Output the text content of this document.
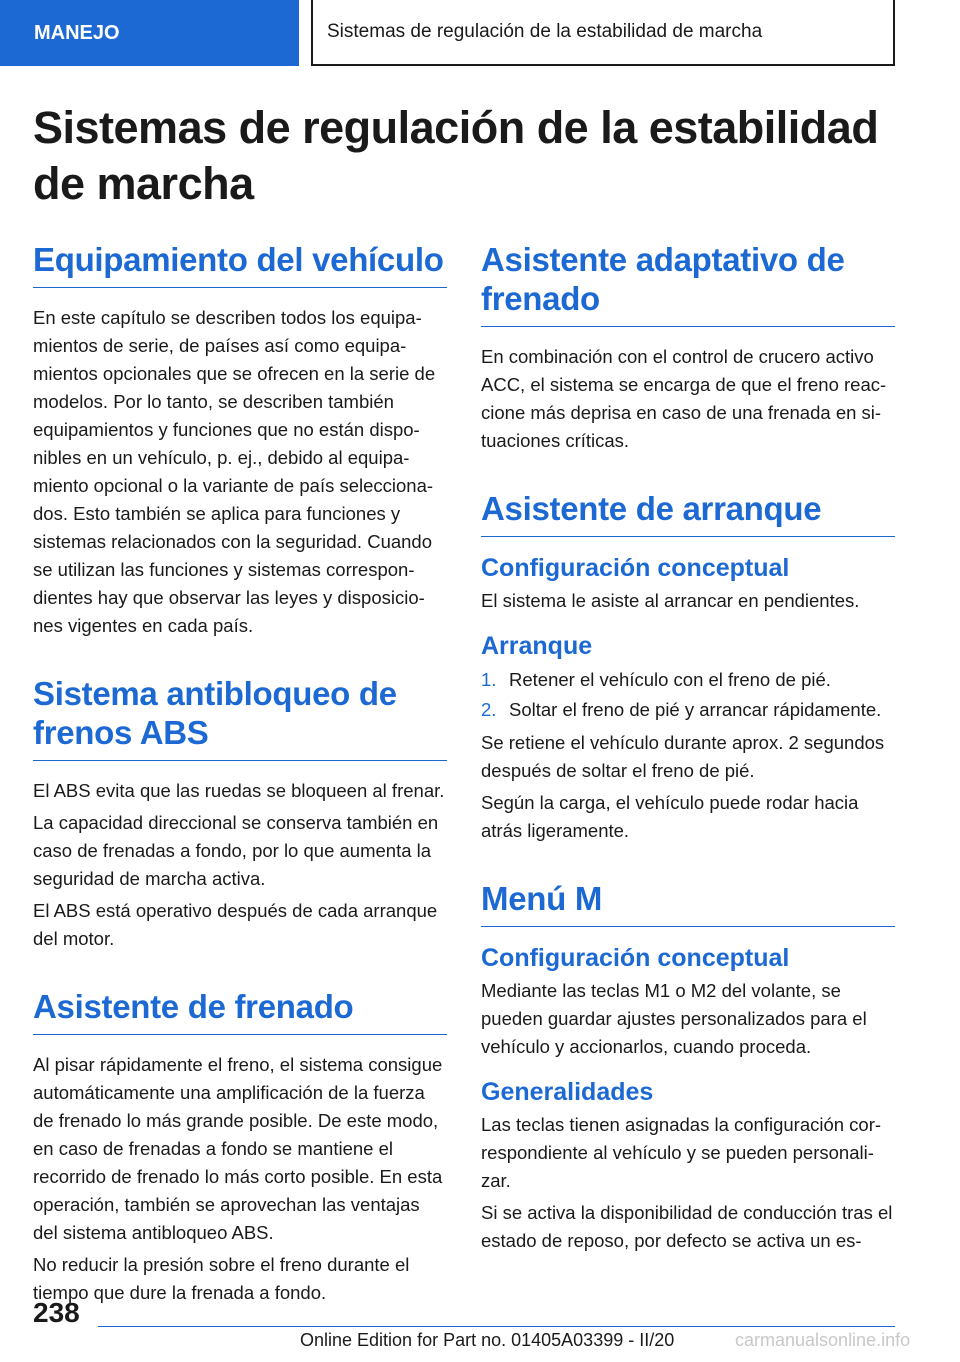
MANEJO	Sistemas de regulación de la estabilidad de marcha
Sistemas de regulación de la estabilidad de marcha
Equipamiento del vehículo

En este capítulo se describen todos los equipamientos de serie, de países así como equipamientos opcionales que se ofrecen en la serie de modelos. Por lo tanto, se describen también equipamientos y funciones que no están disponibles en un vehículo, p. ej., debido al equipamiento opcional o la variante de país seleccionados. Esto también se aplica para funciones y sistemas relacionados con la seguridad. Cuando se utilizan las funciones y sistemas correspondientes hay que observar las leyes y disposiciones vigentes en cada país.

Sistema antibloqueo de frenos ABS

El ABS evita que las ruedas se bloqueen al frenar.

La capacidad direccional se conserva también en caso de frenadas a fondo, por lo que aumenta la seguridad de marcha activa.

El ABS está operativo después de cada arranque del motor.

Asistente de frenado

Al pisar rápidamente el freno, el sistema consigue automáticamente una amplificación de la fuerza de frenado lo más grande posible. De este modo, en caso de frenadas a fondo se mantiene el recorrido de frenado lo más corto posible. En esta operación, también se aprovechan las ventajas del sistema antibloqueo ABS.

No reducir la presión sobre el freno durante el tiempo que dure la frenada a fondo.

Asistente adaptativo de frenado

En combinación con el control de crucero activo ACC, el sistema se encarga de que el freno reaccione más deprisa en caso de una frenada en situaciones críticas.

Asistente de arranque
Configuración conceptual

El sistema le asiste al arrancar en pendientes.

Arranque
1. Retener el vehículo con el freno de pié.
2. Soltar el freno de pié y arrancar rápidamente.

Se retiene el vehículo durante aprox. 2 segundos después de soltar el freno de pié.

Según la carga, el vehículo puede rodar hacia atrás ligeramente.

Menú M
Configuración conceptual

Mediante las teclas M1 o M2 del volante, se pueden guardar ajustes personalizados para el vehículo y accionarlos, cuando proceda.

Generalidades

Las teclas tienen asignadas la configuración correspondiente al vehículo y se pueden personalizar.

Si se activa la disponibilidad de conducción tras el estado de reposo, por defecto se activa un es-

238
Online Edition for Part no. 01405A03399 - II/20	carmanualsonline.info
